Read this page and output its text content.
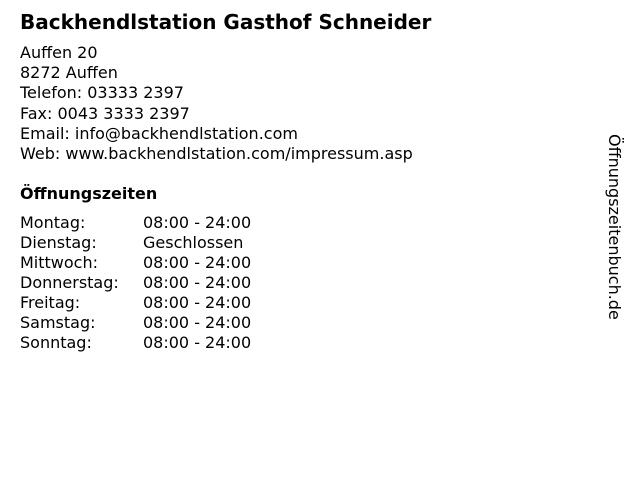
Backhendlstation Gasthof Schneider
Auffen 20
8272 Auffen
Telefon: 03333 2397
Fax: 0043 3333 2397
Email: info@backhendlstation.com
Web: www.backhendlstation.com/impressum.asp
Öffnungszeiten
Montag:	08:00 - 24:00
Dienstag:	Geschlossen
Mittwoch:	08:00 - 24:00
Donnerstag:	08:00 - 24:00
Freitag:	08:00 - 24:00
Samstag:	08:00 - 24:00
Sonntag:	08:00 - 24:00
Öffnungszeitenbuch.de
